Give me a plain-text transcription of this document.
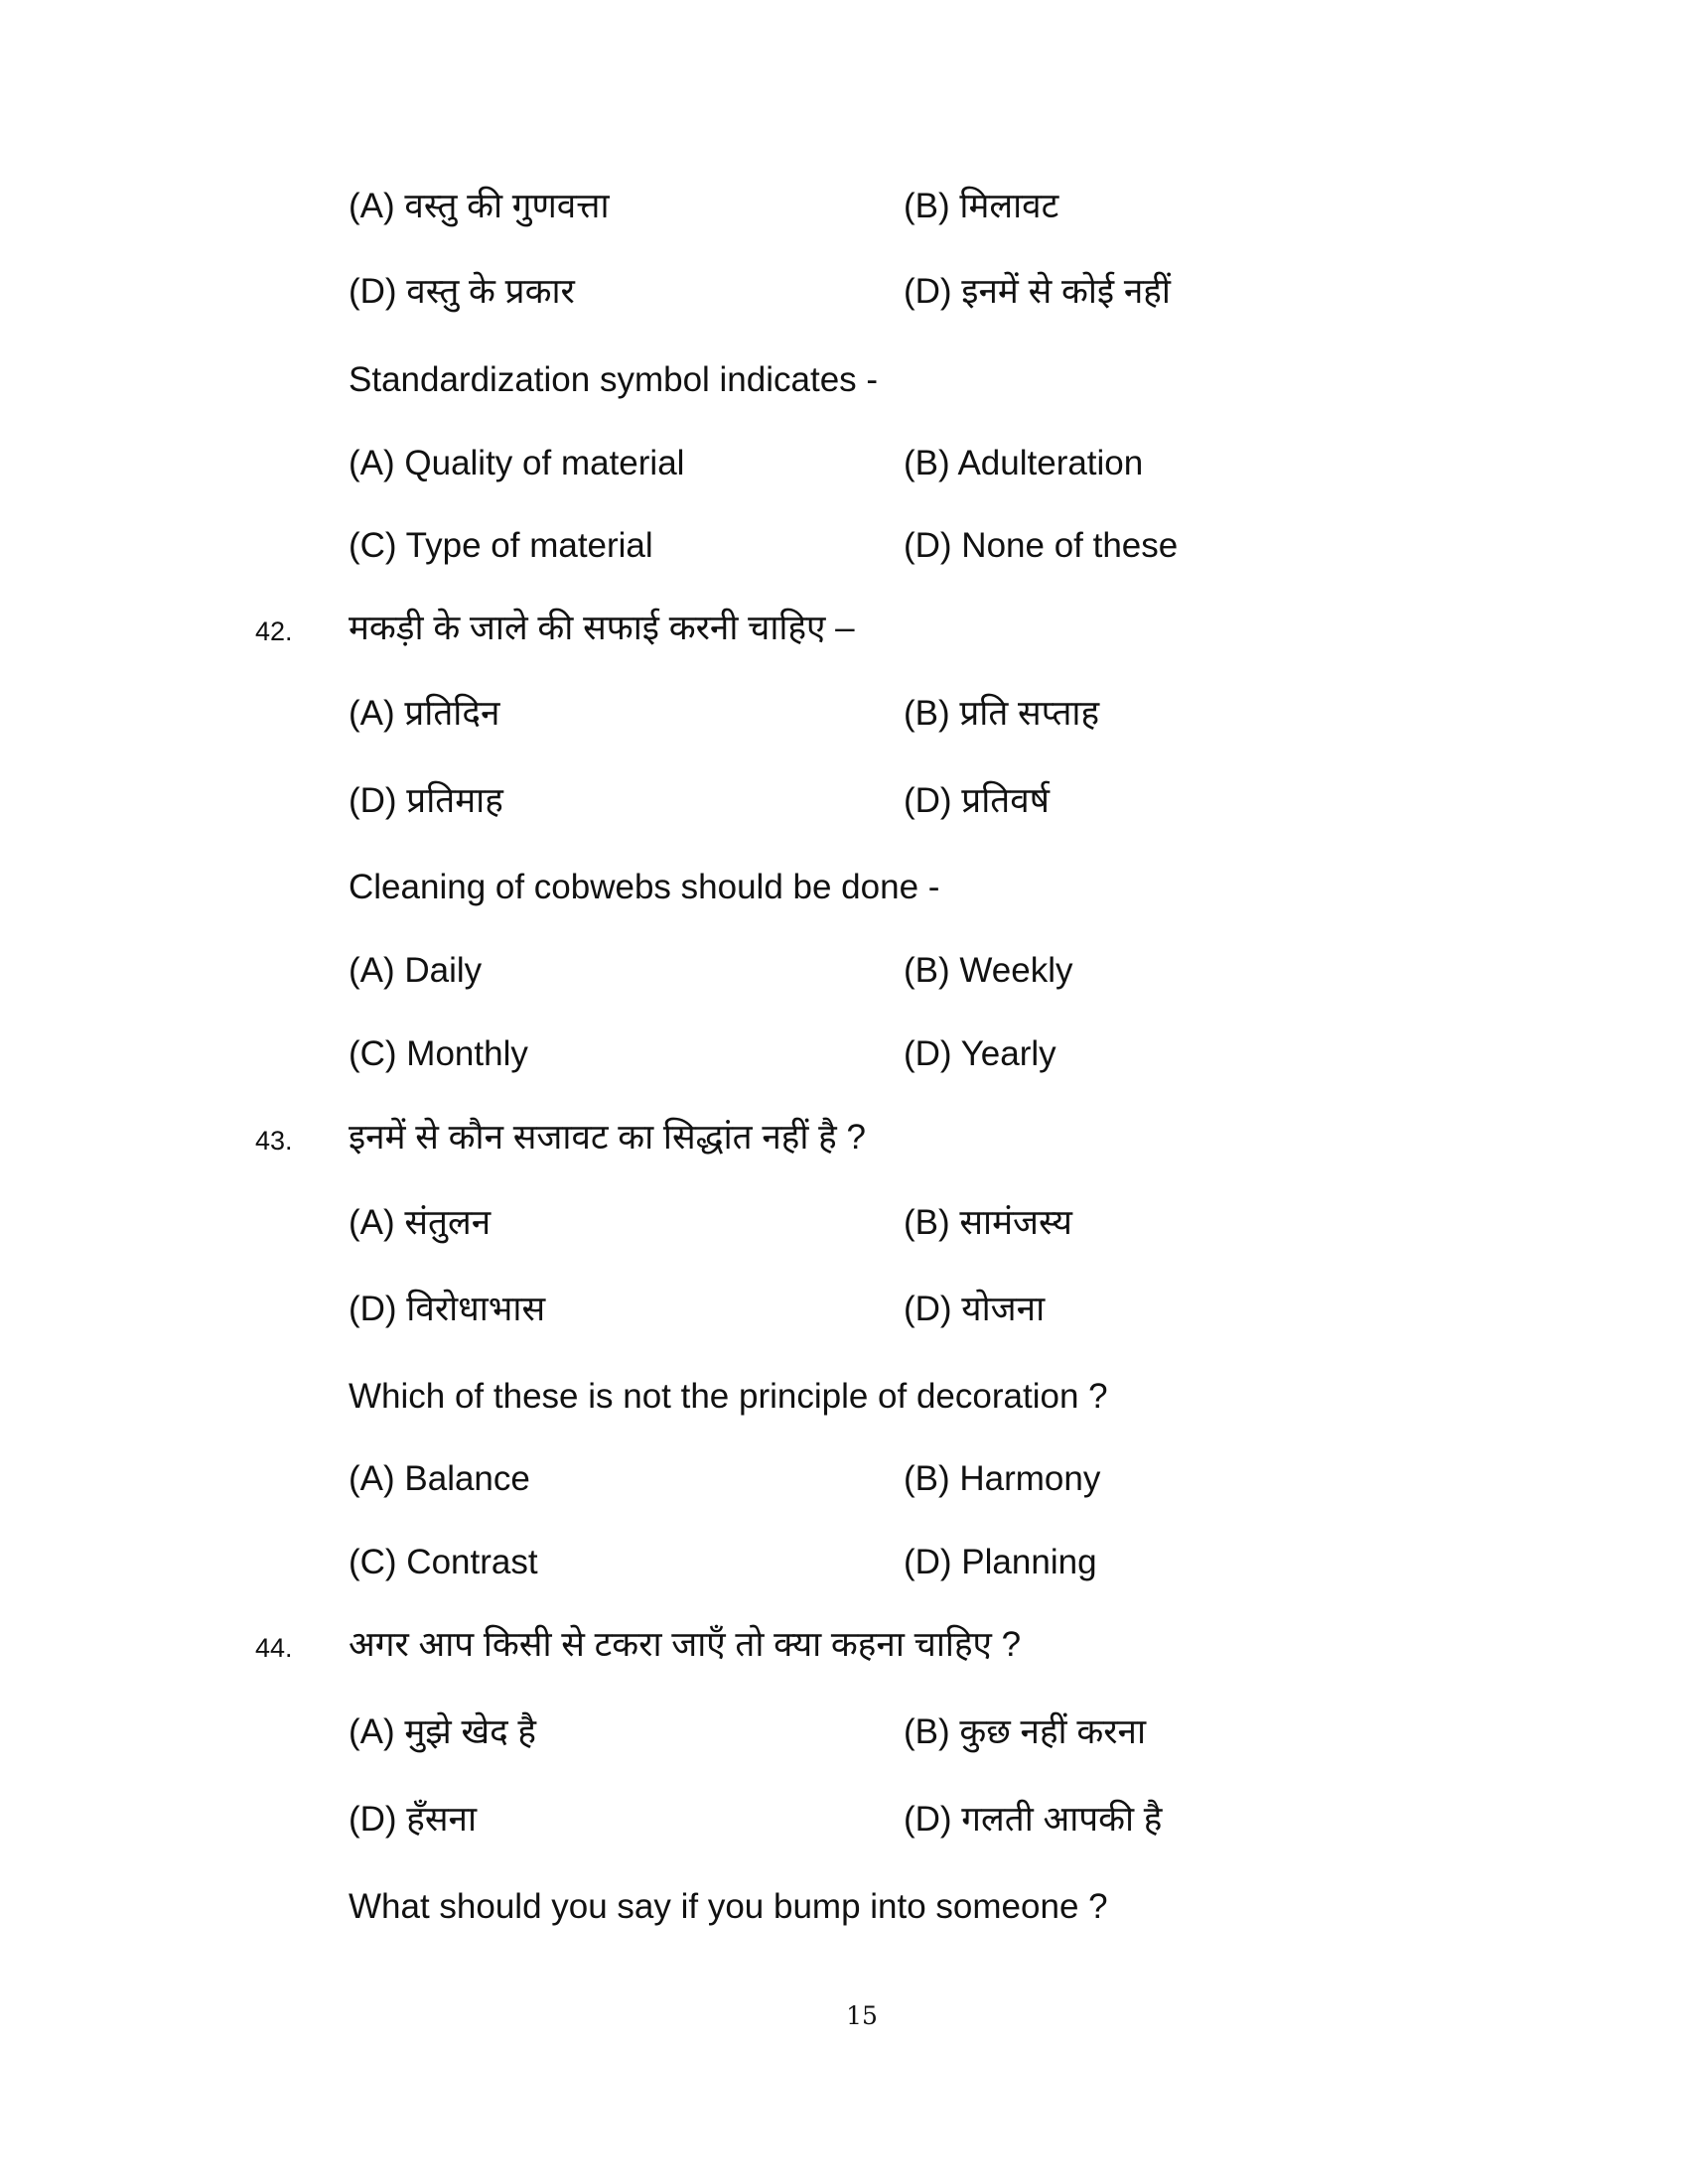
(A) वस्तु की गुणवत्ता	(B) मिलावट
(D) वस्तु के प्रकार	(D) इनमें से कोई नहीं
Standardization symbol indicates -
(A) Quality of material	(B) Adulteration
(C) Type of material	(D) None of these
42. मकड़ी के जाले की सफाई करनी चाहिए –
(A) प्रतिदिन	(B) प्रति सप्ताह
(D) प्रतिमाह	(D) प्रतिवर्ष
Cleaning of cobwebs should be done -
(A) Daily	(B) Weekly
(C) Monthly	(D) Yearly
43. इनमें से कौन सजावट का सिद्धांत नहीं है ?
(A) संतुलन	(B) सामंजस्य
(D) विरोधाभास	(D) योजना
Which of these is not the principle of decoration ?
(A) Balance	(B) Harmony
(C) Contrast	(D) Planning
44. अगर आप किसी से टकरा जाएँ तो क्या कहना चाहिए ?
(A) मुझे खेद है	(B) कुछ नहीं करना
(D) हँसना	(D) गलती आपकी है
What should you say if you bump into someone ?
15
